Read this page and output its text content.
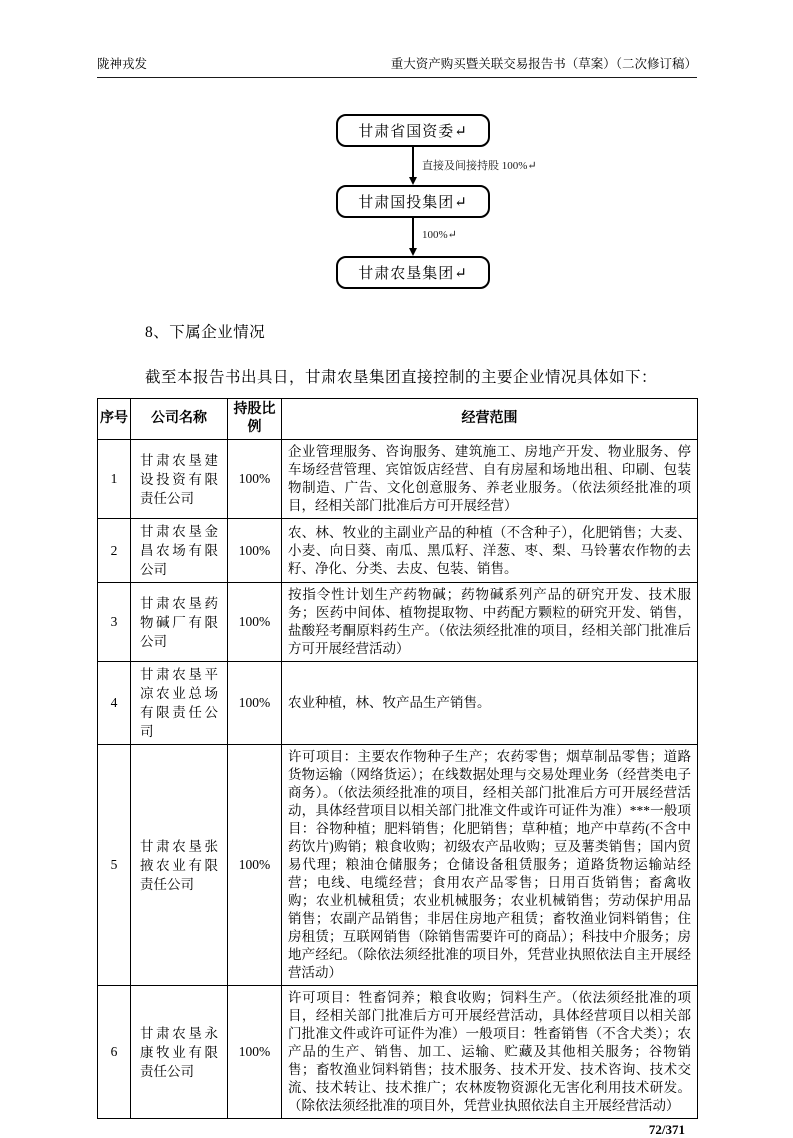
陇神戎发	重大资产购买暨关联交易报告书（草案）（二次修订稿）
甘肃省国资委↵
直接及间接持股 100%↵
甘肃国投集团↵
100%↵
甘肃农垦集团↵
8、下属企业情况

截至本报告书出具日，甘肃农垦集团直接控制的主要企业情况具体如下：

序号	公司名称	持股比例	经营范围
1	甘肃农垦建设投资有限责任公司	100%	企业管理服务、咨询服务、建筑施工、房地产开发、物业服务、停车场经营管理、宾馆饭店经营、自有房屋和场地出租、印刷、包装物制造、广告、文化创意服务、养老业服务。（依法须经批准的项目，经相关部门批准后方可开展经营）
2	甘肃农垦金昌农场有限公司	100%	农、林、牧业的主副业产品的种植（不含种子），化肥销售；大麦、小麦、向日葵、南瓜、黑瓜籽、洋葱、枣、梨、马铃薯农作物的去籽、净化、分类、去皮、包装、销售。
3	甘肃农垦药物碱厂有限公司	100%	按指令性计划生产药物碱；药物碱系列产品的研究开发、技术服务；医药中间体、植物提取物、中药配方颗粒的研究开发、销售，盐酸羟考酮原料药生产。（依法须经批准的项目，经相关部门批准后方可开展经营活动）
4	甘肃农垦平凉农业总场有限责任公司	100%	农业种植，林、牧产品生产销售。
5	甘肃农垦张掖农业有限责任公司	100%	许可项目：主要农作物种子生产；农药零售；烟草制品零售；道路货物运输（网络货运）；在线数据处理与交易处理业务（经营类电子商务）。（依法须经批准的项目，经相关部门批准后方可开展经营活动，具体经营项目以相关部门批准文件或许可证件为准）***一般项目：谷物种植；肥料销售；化肥销售；草种植；地产中草药(不含中药饮片)购销；粮食收购；初级农产品收购；豆及薯类销售；国内贸易代理；粮油仓储服务；仓储设备租赁服务；道路货物运输站经营；电线、电缆经营；食用农产品零售；日用百货销售；畜禽收购；农业机械租赁；农业机械服务；农业机械销售；劳动保护用品销售；农副产品销售；非居住房地产租赁；畜牧渔业饲料销售；住房租赁；互联网销售（除销售需要许可的商品）；科技中介服务；房地产经纪。（除依法须经批准的项目外，凭营业执照依法自主开展经营活动）
6	甘肃农垦永康牧业有限责任公司	100%	许可项目：牲畜饲养；粮食收购；饲料生产。（依法须经批准的项目，经相关部门批准后方可开展经营活动，具体经营项目以相关部门批准文件或许可证件为准）一般项目：牲畜销售（不含犬类）；农产品的生产、销售、加工、运输、贮藏及其他相关服务；谷物销售；畜牧渔业饲料销售；技术服务、技术开发、技术咨询、技术交流、技术转让、技术推广；农林废物资源化无害化利用技术研发。（除依法须经批准的项目外，凭营业执照依法自主开展经营活动）
72/371
